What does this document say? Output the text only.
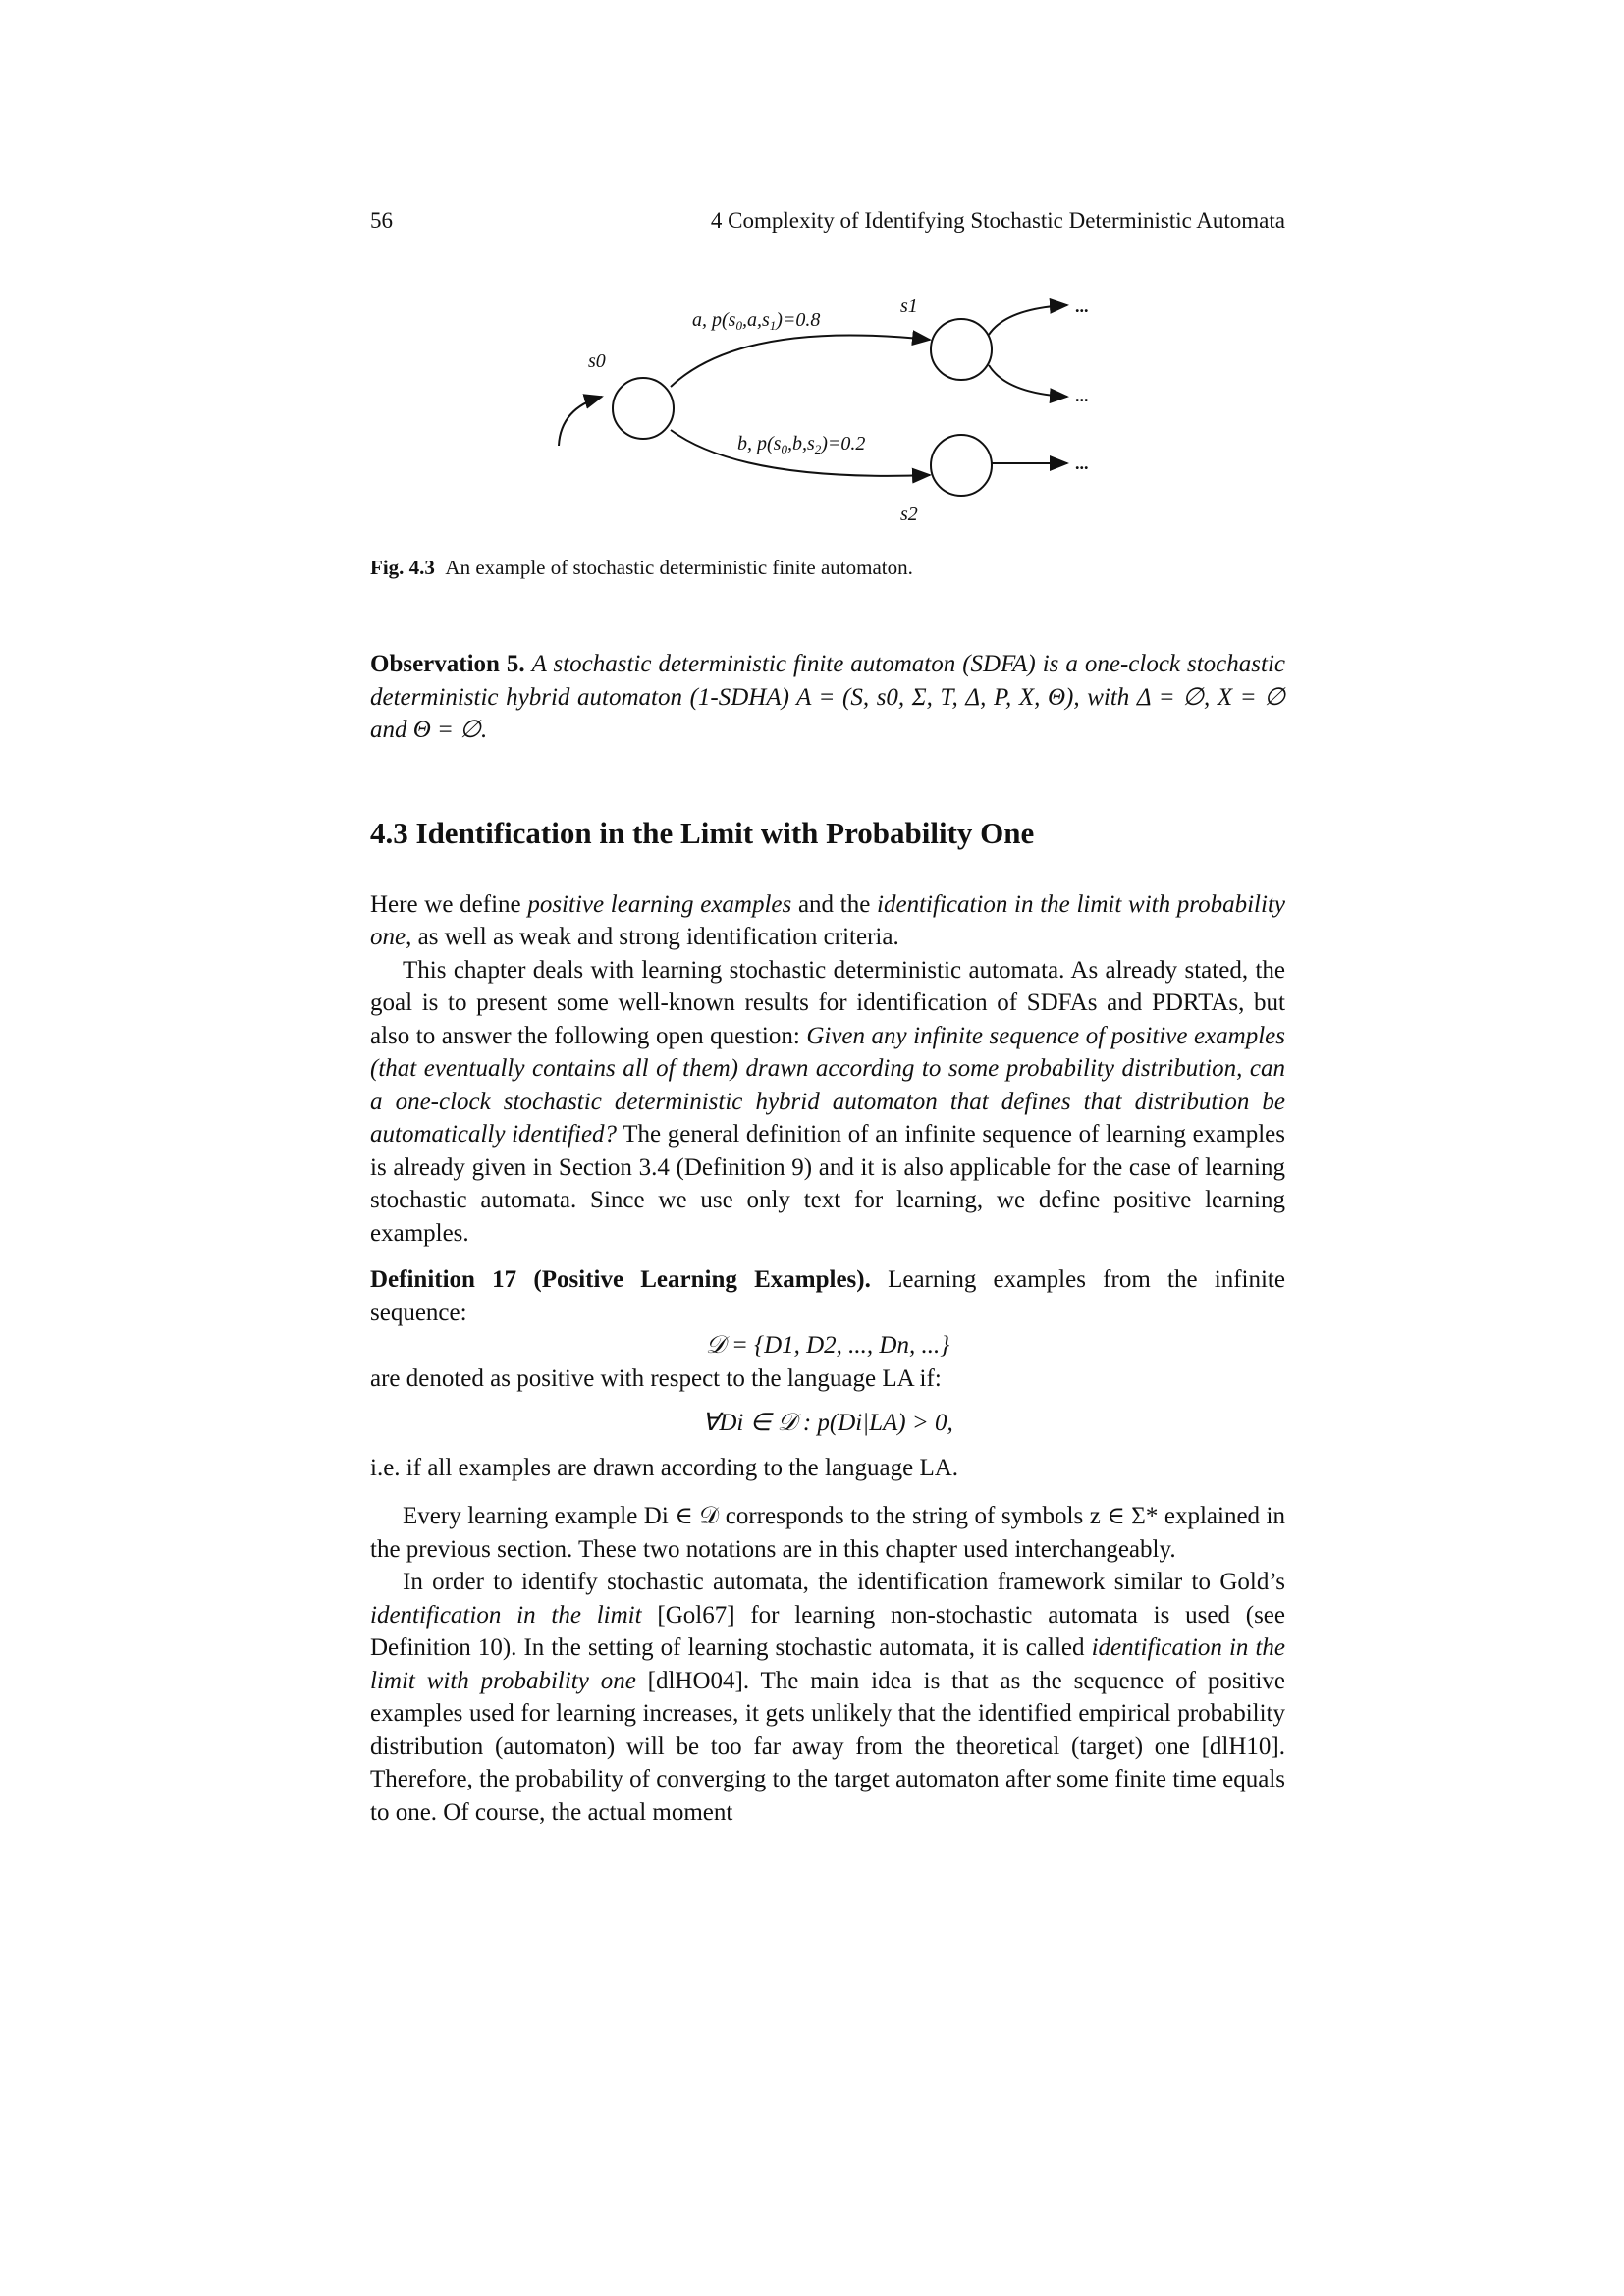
56	4 Complexity of Identifying Stochastic Deterministic Automata
s0
s1
s2
a, $p(s_0,a,s_1)=0.8$
b, $p(s_0,b,s_2)=0.2$
...
...
...
Fig. 4.3 An example of stochastic deterministic finite automaton.

Observation 5. A stochastic deterministic finite automaton (SDFA) is a one-clock stochastic deterministic hybrid automaton (1-SDHA) A = (S, s0, Σ, T, Δ, P, X, Θ), with Δ = ∅, X = ∅ and Θ = ∅.

4.3 Identification in the Limit with Probability One

Here we define positive learning examples and the identification in the limit with probability one, as well as weak and strong identification criteria.

This chapter deals with learning stochastic deterministic automata. As already stated, the goal is to present some well-known results for identification of SDFAs and PDRTAs, but also to answer the following open question: Given any infinite sequence of positive examples (that eventually contains all of them) drawn according to some probability distribution, can a one-clock stochastic deterministic hybrid automaton that defines that distribution be automatically identified? The general definition of an infinite sequence of learning examples is already given in Section 3.4 (Definition 9) and it is also applicable for the case of learning stochastic automata. Since we use only text for learning, we define positive learning examples.

Definition 17 (Positive Learning Examples). Learning examples from the infinite sequence:

𝒟 = {D1, D2, ..., Dn, ...}

are denoted as positive with respect to the language LA if:

∀Di ∈ 𝒟 : p(Di|LA) > 0,

i.e. if all examples are drawn according to the language LA.

Every learning example Di ∈ 𝒟 corresponds to the string of symbols z ∈ Σ* explained in the previous section. These two notations are in this chapter used interchangeably.

In order to identify stochastic automata, the identification framework similar to Gold’s identification in the limit [Gol67] for learning non-stochastic automata is used (see Definition 10). In the setting of learning stochastic automata, it is called identification in the limit with probability one [dlHO04]. The main idea is that as the sequence of positive examples used for learning increases, it gets unlikely that the identified empirical probability distribution (automaton) will be too far away from the theoretical (target) one [dlH10]. Therefore, the probability of converging to the target automaton after some finite time equals to one. Of course, the actual moment
